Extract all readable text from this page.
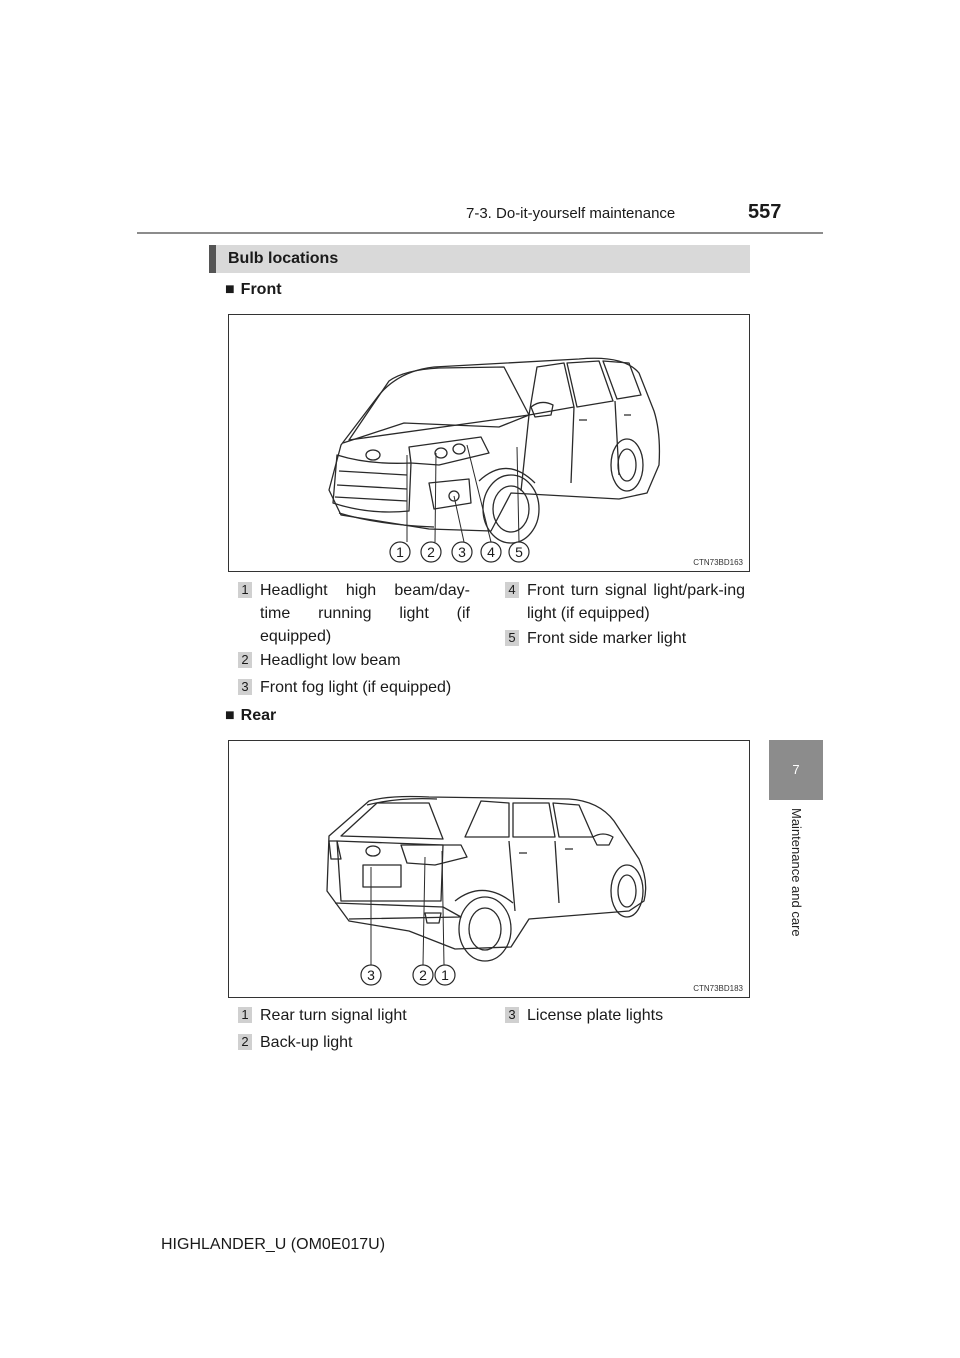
7-3. Do-it-yourself maintenance	557
7
Maintenance and care
Bulb locations
■ Front
1 2 3 4 5
CTN73BD163
1 Headlight high beam/day-time running light (if equipped)
2 Headlight low beam
3 Front fog light (if equipped)
4 Front turn signal light/park-ing light (if equipped)
5 Front side marker light
■ Rear
3	2 1
CTN73BD183
1 Rear turn signal light
2 Back-up light
3 License plate lights
HIGHLANDER_U (OM0E017U)
